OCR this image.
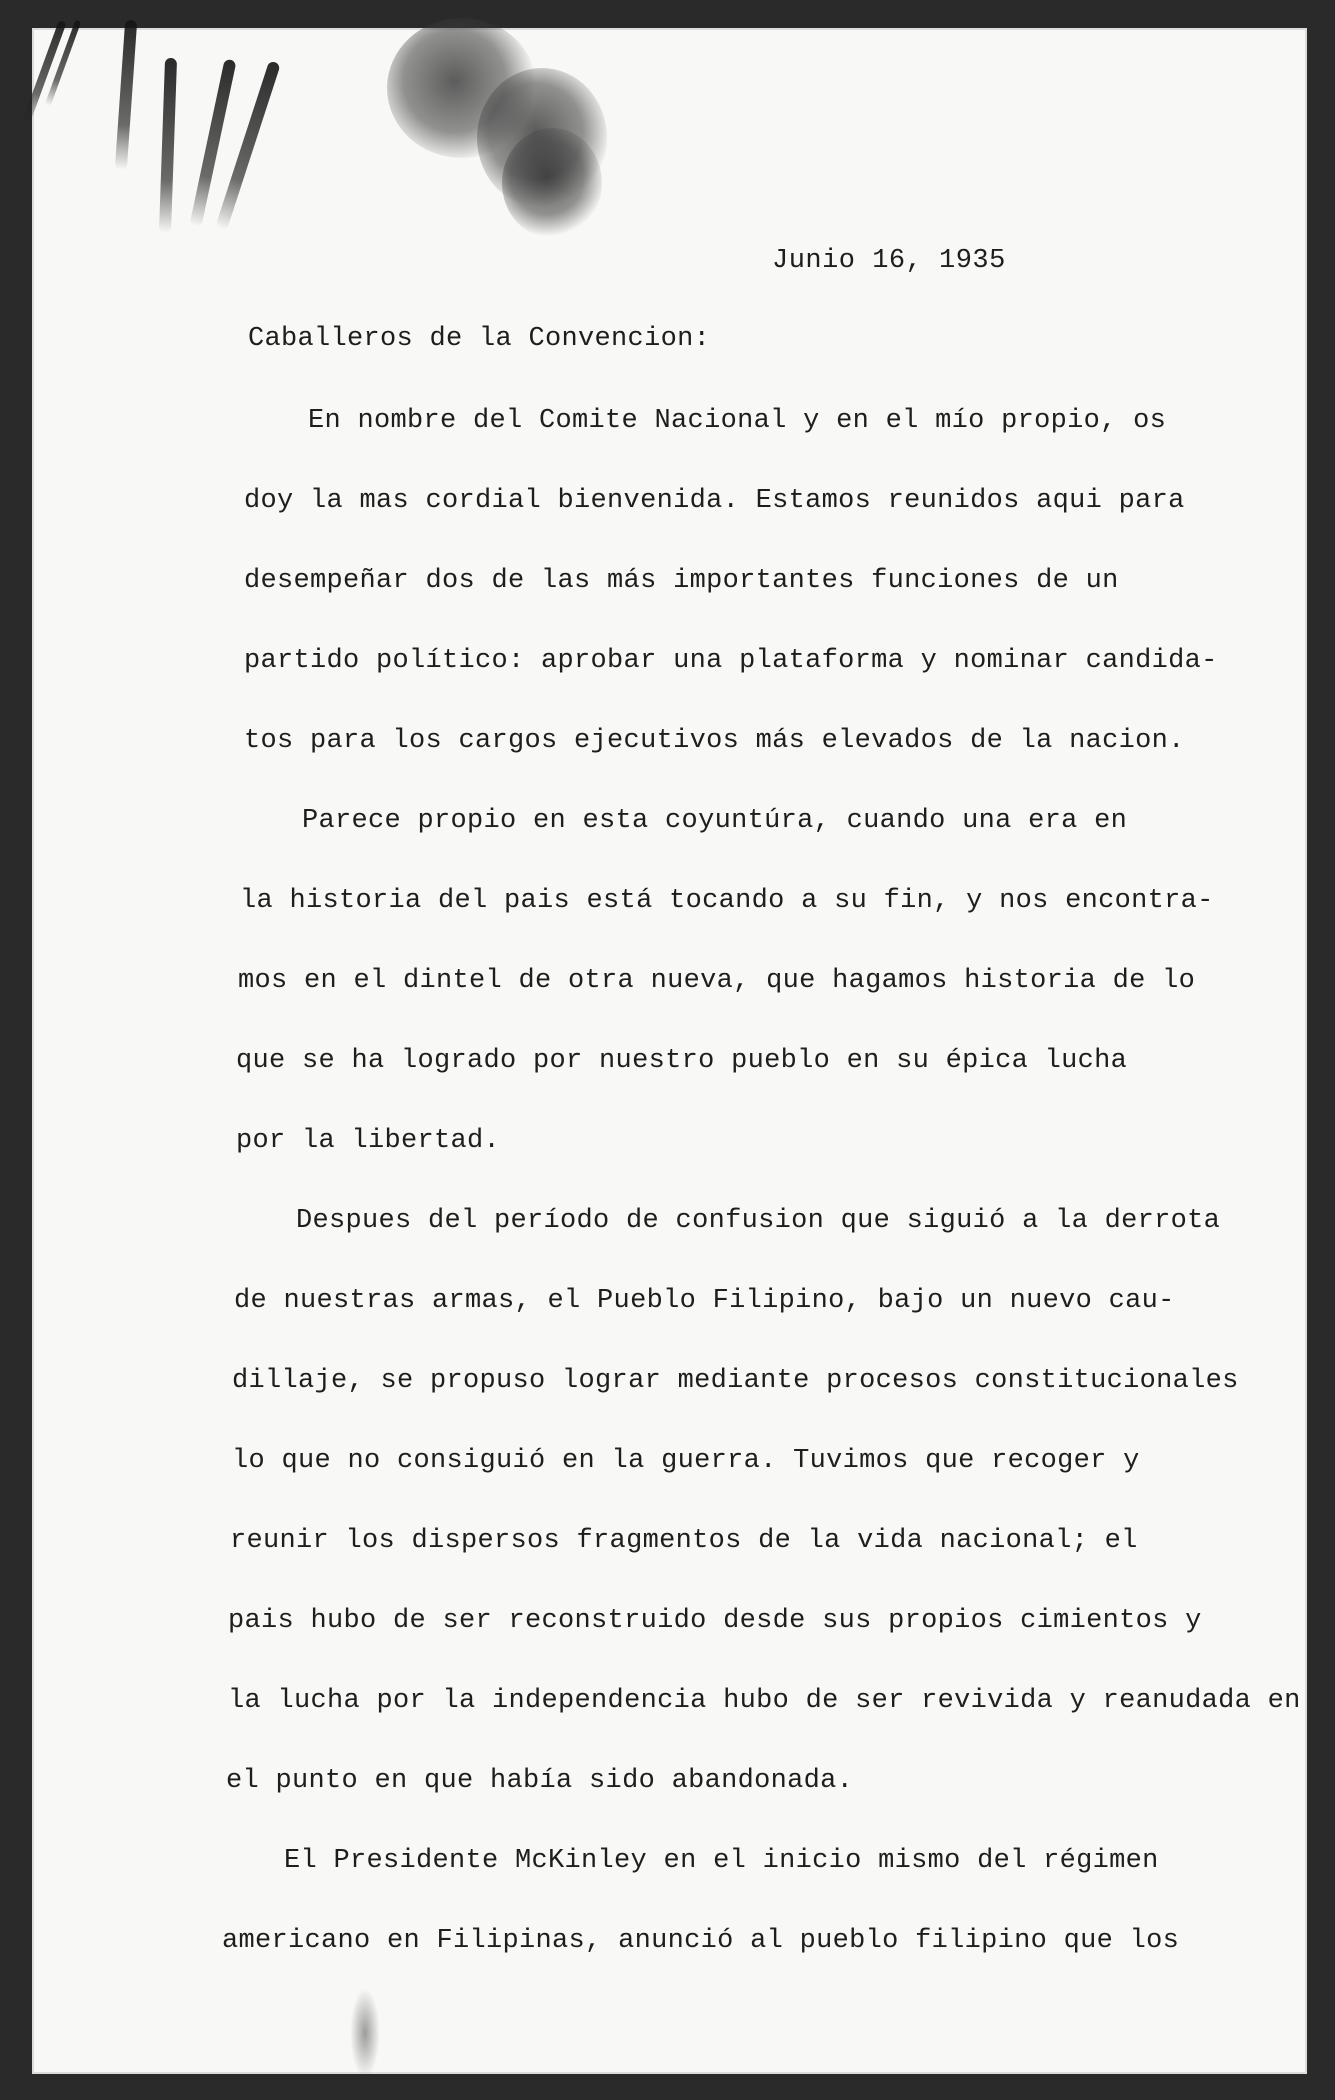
Junio 16, 1935
Caballeros de la Convencion:
En nombre del Comite Nacional y en el mío propio, os
doy la mas cordial bienvenida. Estamos reunidos aqui para
desempeñar dos de las más importantes funciones de un
partido político: aprobar una plataforma y nominar candida-
tos para los cargos ejecutivos más elevados de la nacion.
Parece propio en esta coyuntúra, cuando una era en
la historia del pais está tocando a su fin, y nos encontra-
mos en el dintel de otra nueva, que hagamos historia de lo
que se ha logrado por nuestro pueblo en su épica lucha
por la libertad.
Despues del período de confusion que siguió a la derrota
de nuestras armas, el Pueblo Filipino, bajo un nuevo cau-
dillaje, se propuso lograr mediante procesos constitucionales
lo que no consiguió en la guerra. Tuvimos que recoger y
reunir los dispersos fragmentos de la vida nacional; el
pais hubo de ser reconstruido desde sus propios cimientos y
la lucha por la independencia hubo de ser revivida y reanudada en
el punto en que había sido abandonada.
El Presidente McKinley en el inicio mismo del régimen
americano en Filipinas, anunció al pueblo filipino que los
